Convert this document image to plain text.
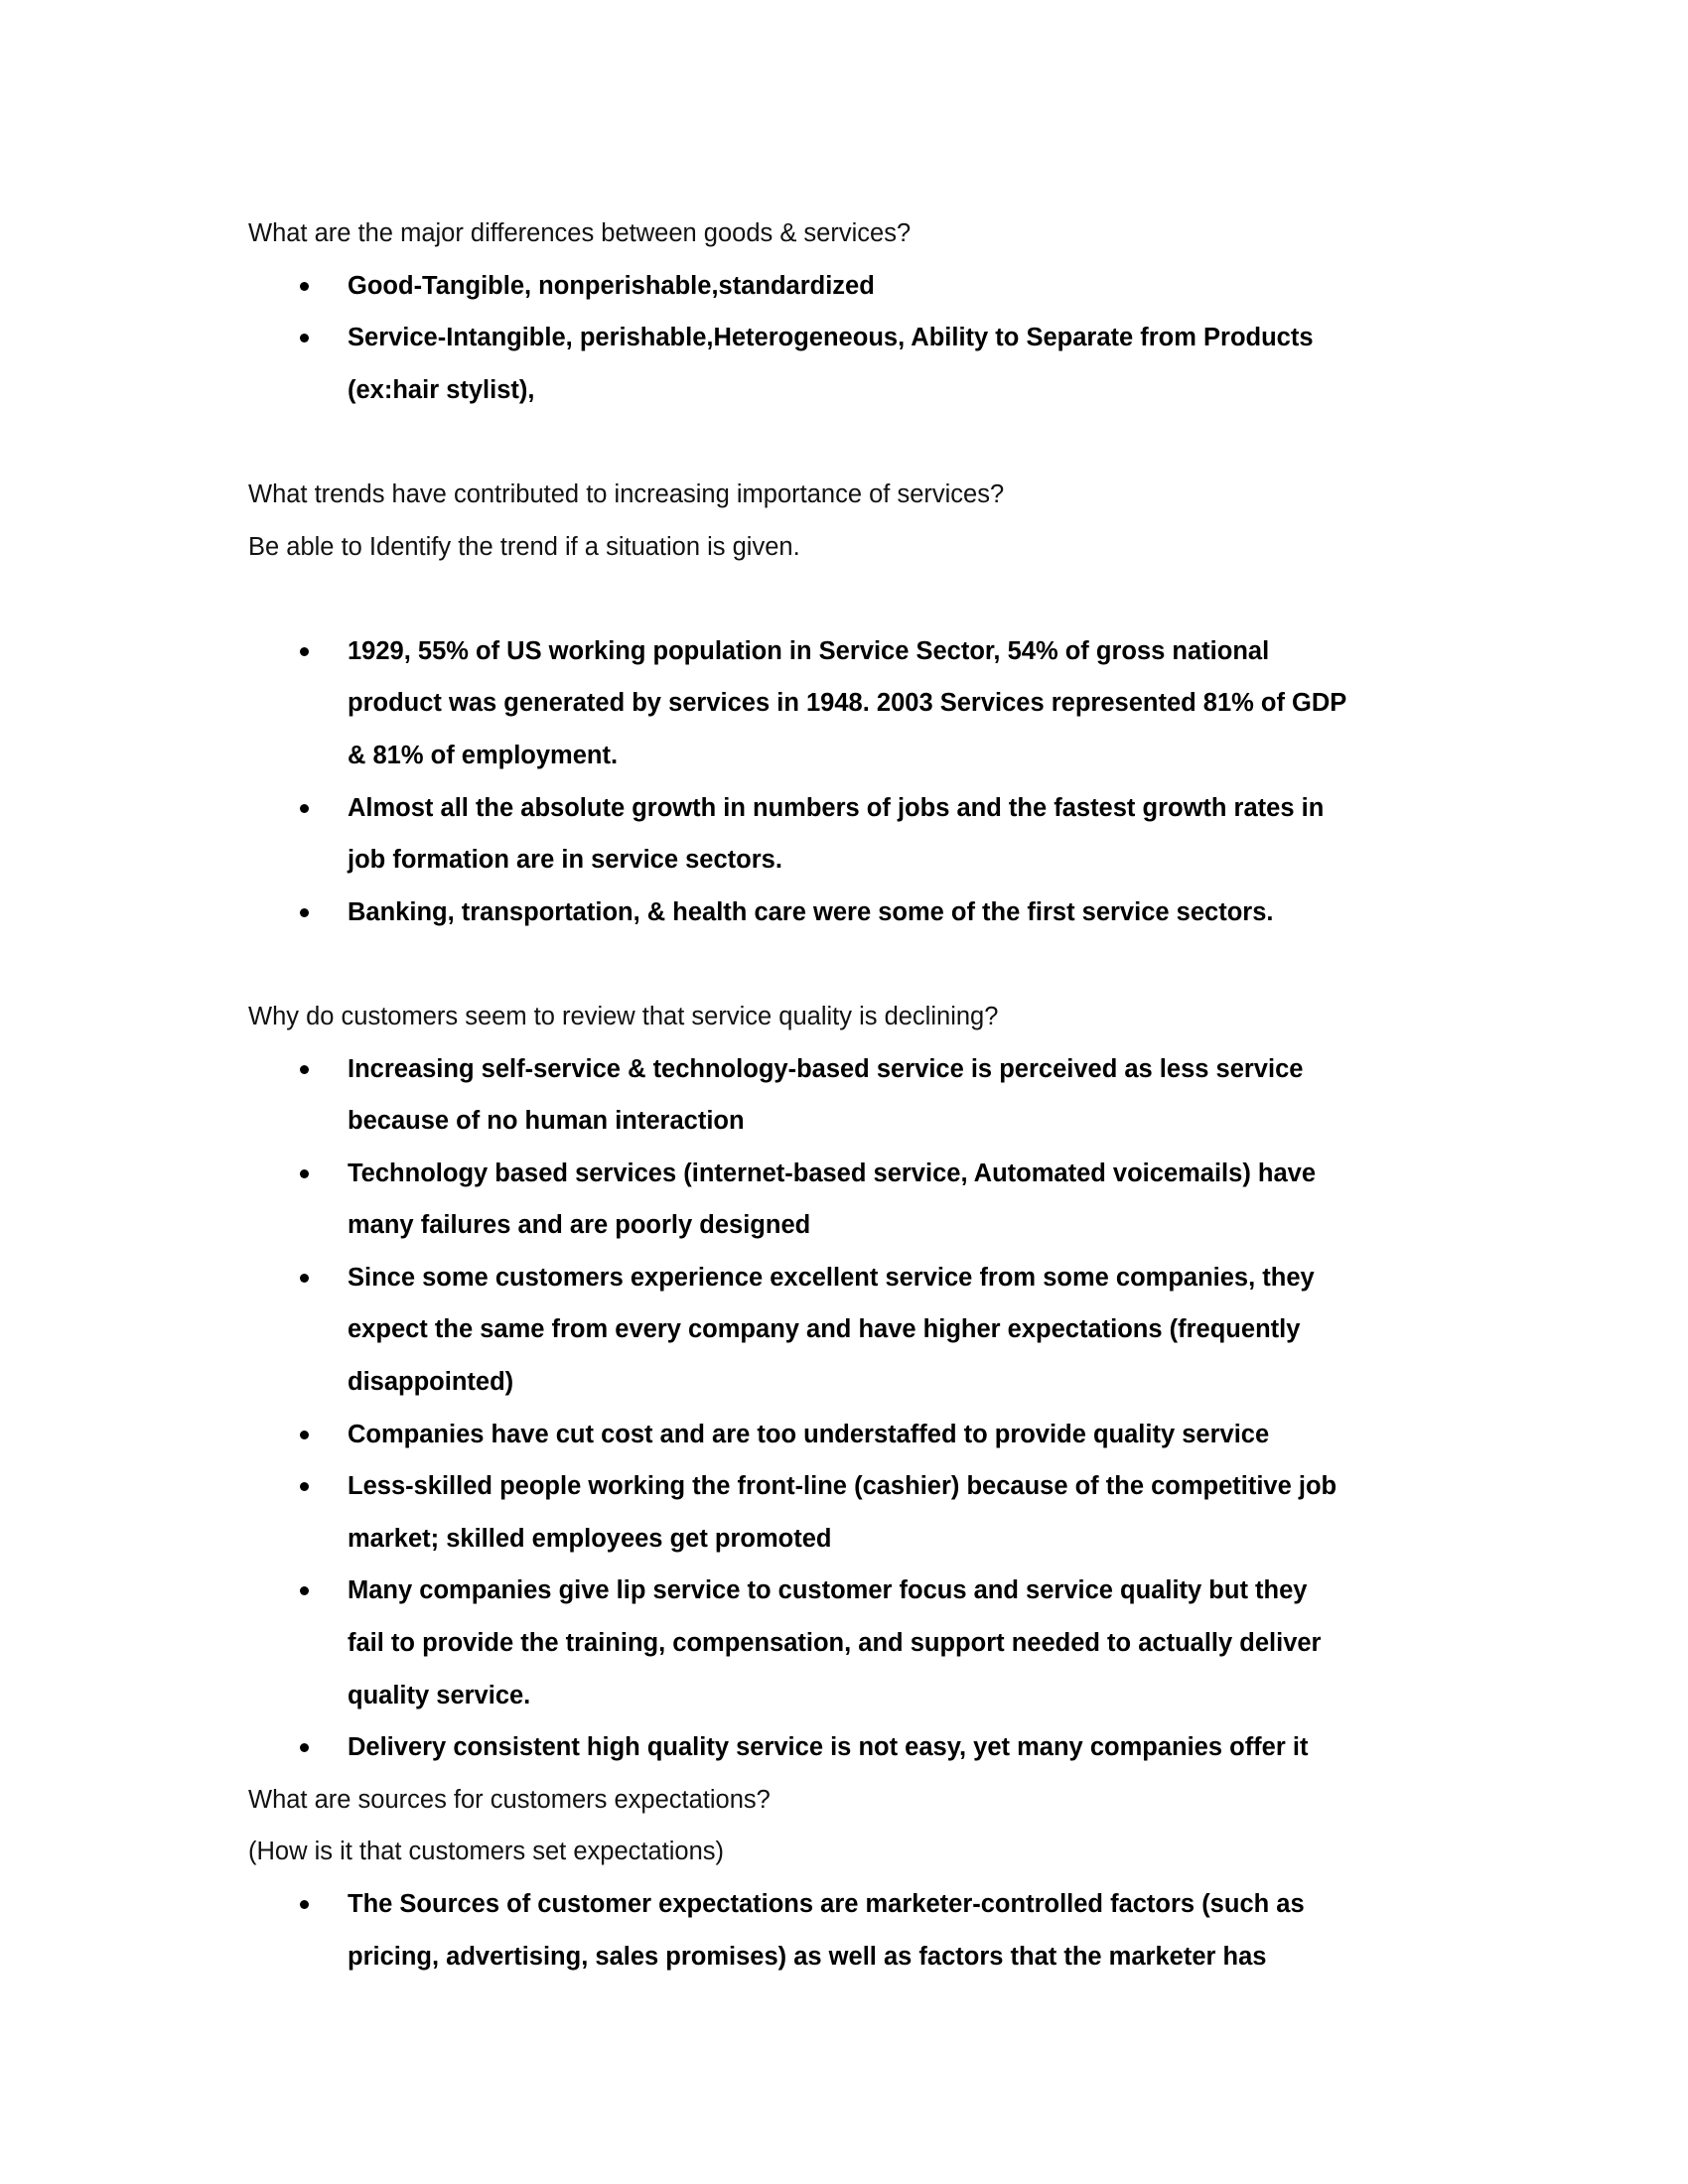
What are the major differences between goods & services?

Good-Tangible, nonperishable,standardized
Service-Intangible, perishable,Heterogeneous, Ability to Separate from Products (ex:hair stylist),

What trends have contributed to increasing importance of services?

Be able to Identify the trend if a situation is given.

1929, 55% of US working population in Service Sector, 54% of gross national product was generated by services in 1948. 2003 Services represented 81% of GDP & 81% of employment.
Almost all the absolute growth in numbers of jobs and the fastest growth rates in job formation are in service sectors.
Banking, transportation, & health care were some of the first service sectors.

Why do customers seem to review that service quality is declining?

Increasing self-service & technology-based service is perceived as less service because of no human interaction
Technology based services (internet-based service, Automated voicemails) have many failures and are poorly designed
Since some customers experience excellent service from some companies, they expect the same from every company and have higher expectations (frequently disappointed)
Companies have cut cost and are too understaffed to provide quality service
Less-skilled people working the front-line (cashier) because of the competitive job market; skilled employees get promoted
Many companies give lip service to customer focus and service quality but they fail to provide the training, compensation, and support needed to actually deliver quality service.
Delivery consistent high quality service is not easy, yet many companies offer it

What are sources for customers expectations?

(How is it that customers set expectations)

The Sources of customer expectations are marketer-controlled factors (such as pricing, advertising, sales promises) as well as factors that the marketer has
